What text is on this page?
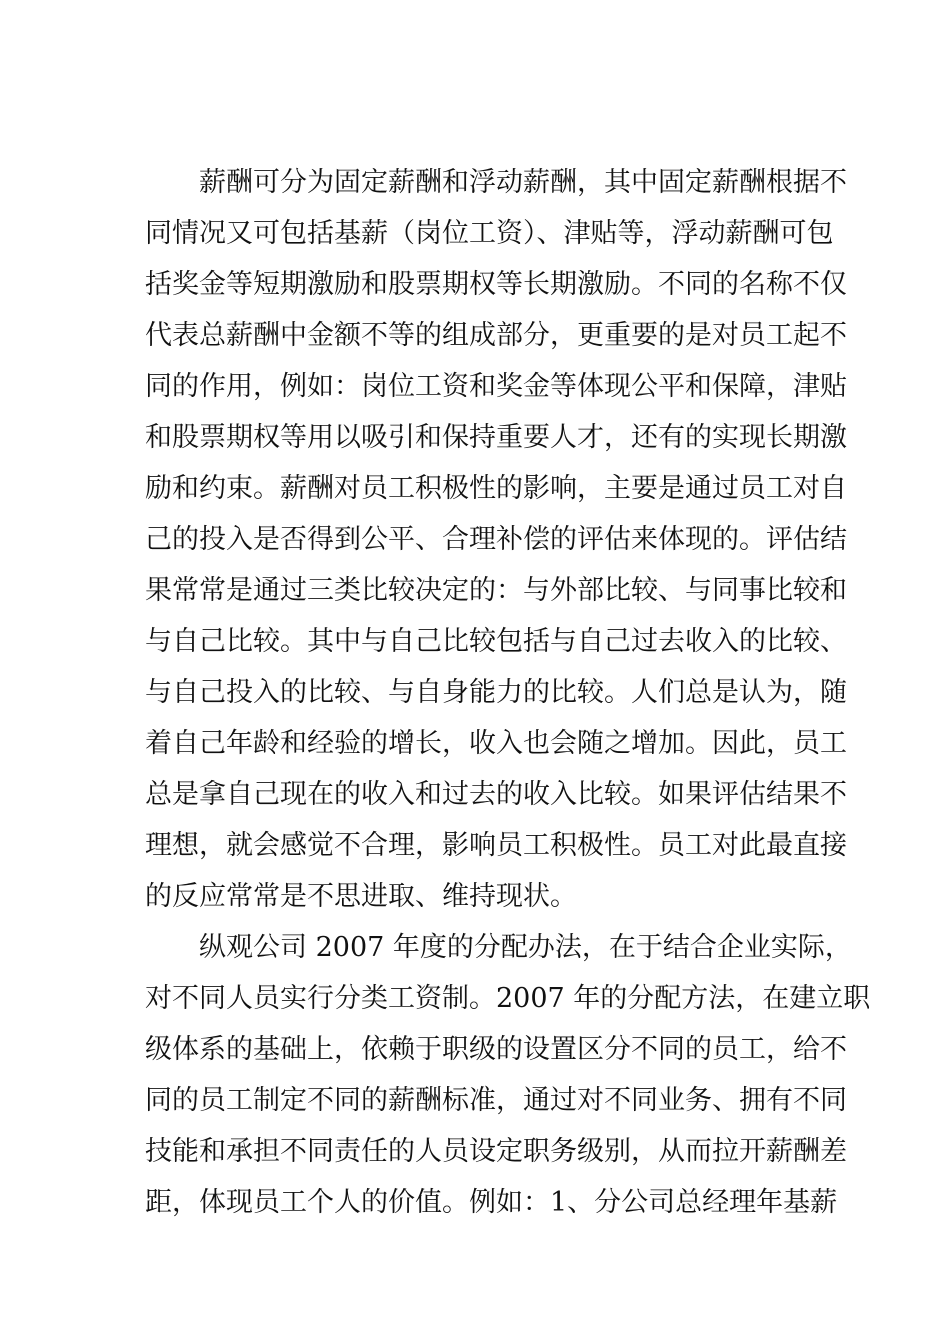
薪酬可分为固定薪酬和浮动薪酬，其中固定薪酬根据不
同情况又可包括基薪（岗位工资）、津贴等，浮动薪酬可包
括奖金等短期激励和股票期权等长期激励。不同的名称不仅
代表总薪酬中金额不等的组成部分，更重要的是对员工起不
同的作用，例如：岗位工资和奖金等体现公平和保障，津贴
和股票期权等用以吸引和保持重要人才，还有的实现长期激
励和约束。薪酬对员工积极性的影响，主要是通过员工对自
己的投入是否得到公平、合理补偿的评估来体现的。评估结
果常常是通过三类比较决定的：与外部比较、与同事比较和
与自己比较。其中与自己比较包括与自己过去收入的比较、
与自己投入的比较、与自身能力的比较。人们总是认为，随
着自己年龄和经验的增长，收入也会随之增加。因此，员工
总是拿自己现在的收入和过去的收入比较。如果评估结果不
理想，就会感觉不合理，影响员工积极性。员工对此最直接
的反应常常是不思进取、维持现状。
纵观公司 2007 年度的分配办法，在于结合企业实际，
对不同人员实行分类工资制。2007 年的分配方法，在建立职
级体系的基础上，依赖于职级的设置区分不同的员工，给不
同的员工制定不同的薪酬标准，通过对不同业务、拥有不同
技能和承担不同责任的人员设定职务级别，从而拉开薪酬差
距，体现员工个人的价值。例如：1、分公司总经理年基薪
